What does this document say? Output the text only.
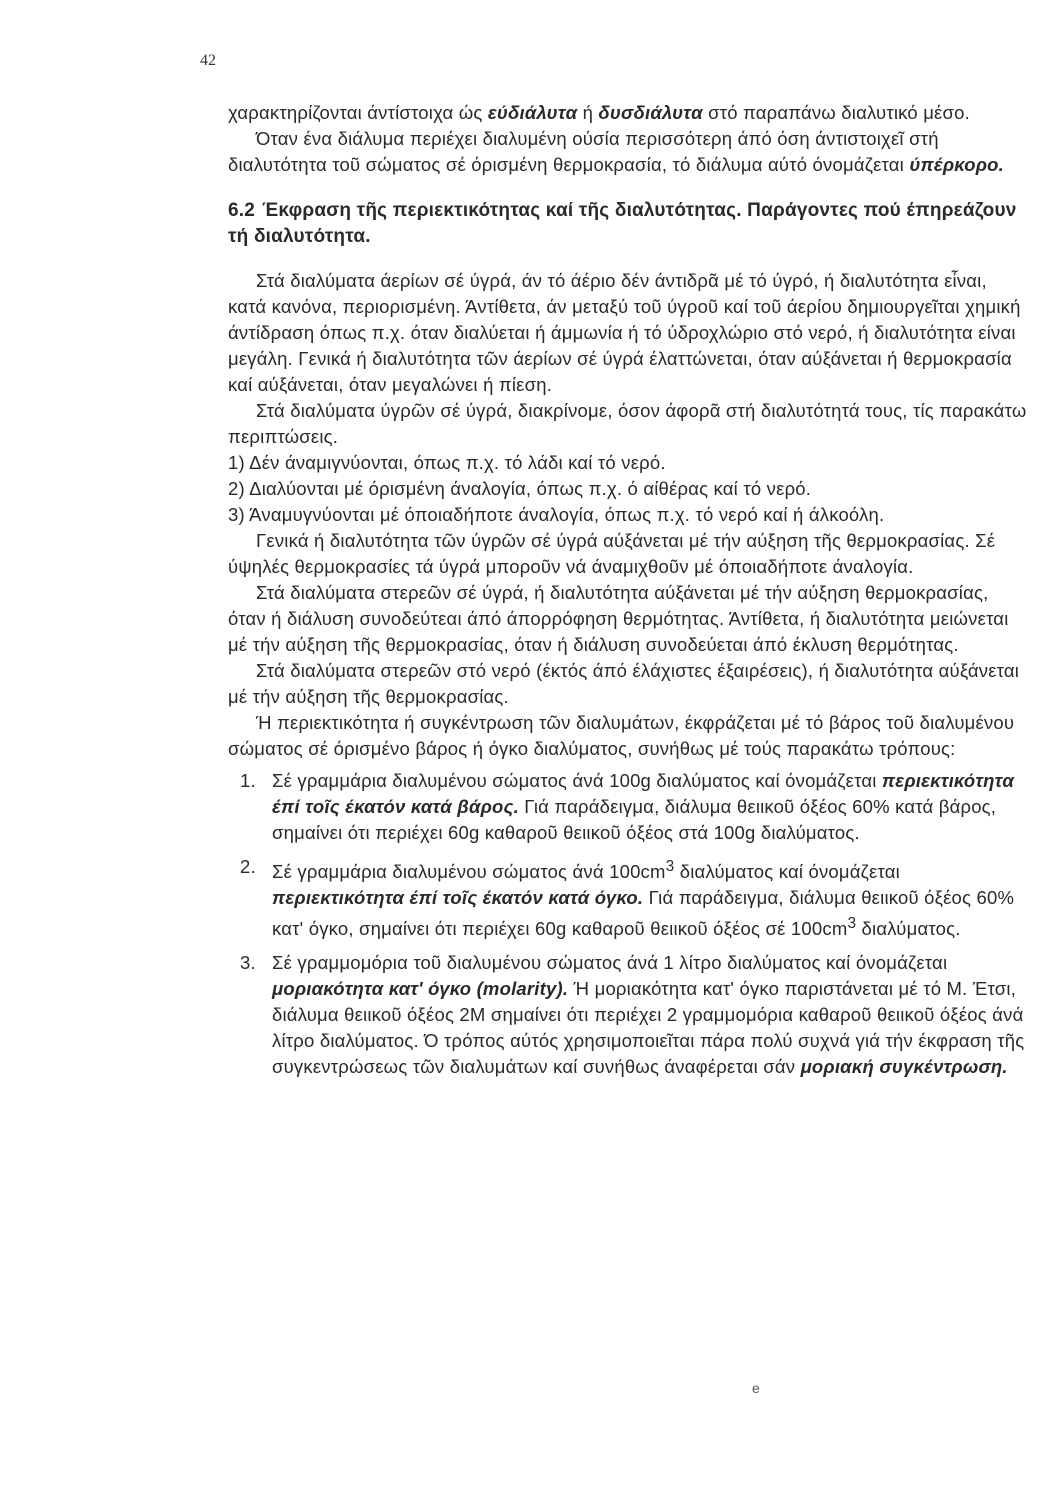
42

χαρακτηρίζονται άντίστοιχα ώς εύδιάλυτα ή δυσδιάλυτα στό παραπάνω διαλυτικό μέσο.

Όταν ένα διάλυμα περιέχει διαλυμένη ούσία περισσότερη άπό όση άντιστοιχεῖ στή διαλυτότητα τοῦ σώματος σέ όρισμένη θερμοκρασία, τό διάλυμα αύτό όνομάζεται ύπέρκορο.

6.2 Έκφραση τῆς περιεκτικότητας καί τῆς διαλυτότητας. Παράγοντες πού έπηρεάζουν τή διαλυτότητα.

Στά διαλύματα άερίων σέ ύγρά, άν τό άέριο δέν άντιδρᾶ μέ τό ύγρό, ή διαλυτότητα εἶναι, κατά κανόνα, περιορισμένη. Άντίθετα, άν μεταξύ τοῦ ύγροῦ καί τοῦ άερίου δημιουργεῖται χημική άντίδραση όπως π.χ. όταν διαλύεται ή άμμωνία ή τό ύδροχλώριο στό νερό, ή διαλυτότητα είναι μεγάλη. Γενικά ή διαλυτότητα τῶν άερίων σέ ύγρά έλαττώνεται, όταν αύξάνεται ή θερμοκρασία καί αύξάνεται, όταν μεγαλώνει ή πίεση.

Στά διαλύματα ύγρῶν σέ ύγρά, διακρίνομε, όσον άφορᾶ στή διαλυτότητά τους, τίς παρακάτω περιπτώσεις.

1) Δέν άναμιγνύονται, όπως π.χ. τό λάδι καί τό νερό.

2) Διαλύονται μέ όρισμένη άναλογία, όπως π.χ. ό αίθέρας καί τό νερό.

3) Άναμυγνύονται μέ όποιαδήποτε άναλογία, όπως π.χ. τό νερό καί ή άλκοόλη.

Γενικά ή διαλυτότητα τῶν ύγρῶν σέ ύγρά αύξάνεται μέ τήν αύξηση τῆς θερμοκρασίας. Σέ ύψηλές θερμοκρασίες τά ύγρά μποροῦν νά άναμιχθοῦν μέ όποιαδήποτε άναλογία.

Στά διαλύματα στερεῶν σέ ύγρά, ή διαλυτότητα αύξάνεται μέ τήν αύξηση θερμοκρασίας, όταν ή διάλυση συνοδεύτεαι άπό άπορρόφηση θερμότητας. Άντίθετα, ή διαλυτότητα μειώνεται μέ τήν αύξηση τῆς θερμοκρασίας, όταν ή διάλυση συνοδεύεται άπό έκλυση θερμότητας.

Στά διαλύματα στερεῶν στό νερό (έκτός άπό έλάχιστες έξαιρέσεις), ή διαλυτότητα αύξάνεται μέ τήν αύξηση τῆς θερμοκρασίας.

Ή περιεκτικότητα ή συγκέντρωση τῶν διαλυμάτων, έκφράζεται μέ τό βάρος τοῦ διαλυμένου σώματος σέ όρισμένο βάρος ή όγκο διαλύματος, συνήθως μέ τούς παρακάτω τρόπους:

1. Σέ γραμμάρια διαλυμένου σώματος άνά 100g διαλύματος καί όνομάζεται περιεκτικότητα έπί τοῖς έκατόν κατά βάρος. Γιά παράδειγμα, διάλυμα θειικοῦ όξέος 60% κατά βάρος, σημαίνει ότι περιέχει 60g καθαροῦ θειικοῦ όξέος στά 100g διαλύματος.
2. Σέ γραμμάρια διαλυμένου σώματος άνά $100cm^3$ διαλύματος καί όνομάζεται περιεκτικότητα έπί τοῖς έκατόν κατά όγκο. Γιά παράδειγμα, διάλυμα θειικοῦ όξέος 60% κατ' όγκο, σημαίνει ότι περιέχει 60g καθαροῦ θειικοῦ όξέος σέ $100cm^3$ διαλύματος.
3. Σέ γραμμομόρια τοῦ διαλυμένου σώματος άνά 1 λίτρο διαλύματος καί όνομάζεται μοριακότητα κατ' όγκο (molarity). Ή μοριακότητα κατ' όγκο παριστάνεται μέ τό Μ. Έτσι, διάλυμα θειικοῦ όξέος 2Μ σημαίνει ότι περιέχει 2 γραμμομόρια καθαροῦ θειικοῦ όξέος άνά λίτρο διαλύματος. Ό τρόπος αύτός χρησιμοποιεῖται πάρα πολύ συχνά γιά τήν έκφραση τῆς συγκεντρώσεως τῶν διαλυμάτων καί συνήθως άναφέρεται σάν μοριακή συγκέντρωση.
e
